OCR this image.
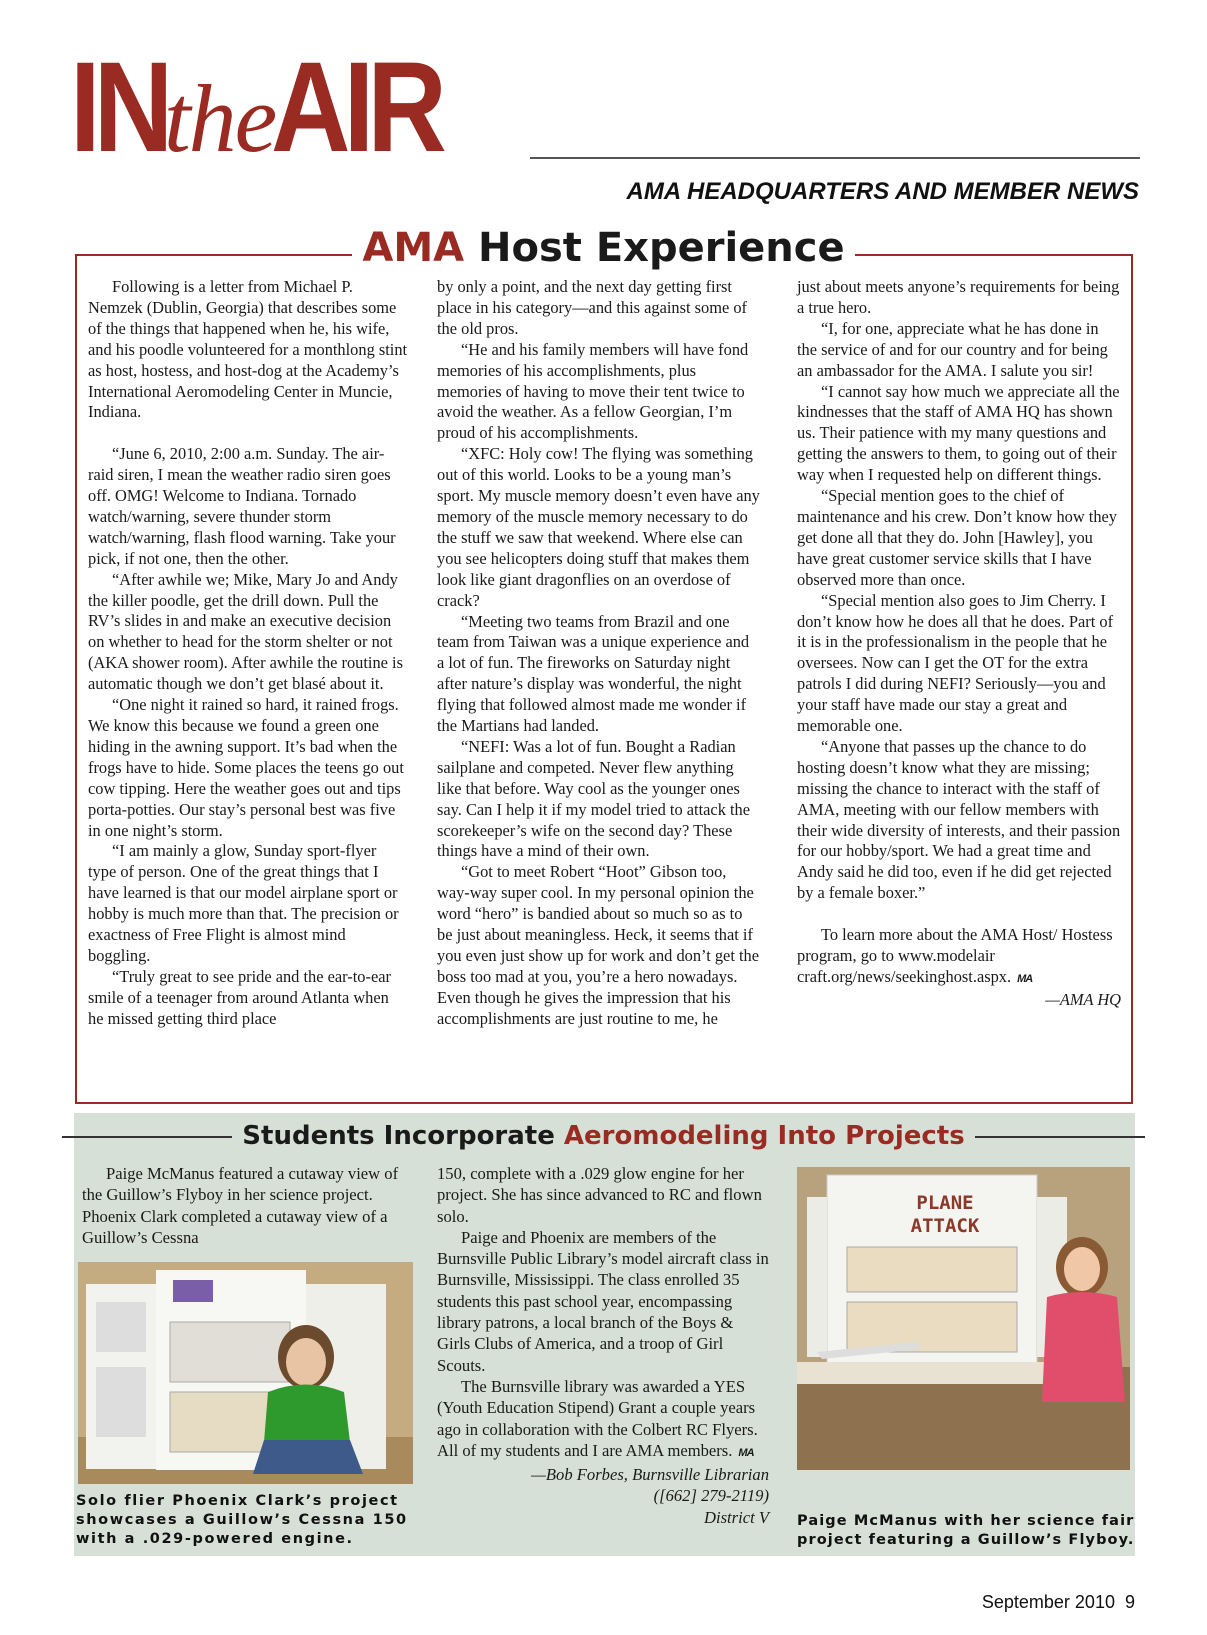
INtheAIR
AMA HEADQUARTERS AND MEMBER NEWS
AMA Host Experience

Following is a letter from Michael P. Nemzek (Dublin, Georgia) that describes some of the things that happened when he, his wife, and his poodle volunteered for a monthlong stint as host, hostess, and host-dog at the Academy’s International Aeromodeling Center in Muncie, Indiana.

“June 6, 2010, 2:00 a.m. Sunday. The air-raid siren, I mean the weather radio siren goes off. OMG! Welcome to Indiana. Tornado watch/warning, severe thunder storm watch/warning, flash flood warning. Take your pick, if not one, then the other.

“After awhile we; Mike, Mary Jo and Andy the killer poodle, get the drill down. Pull the RV’s slides in and make an executive decision on whether to head for the storm shelter or not (AKA shower room). After awhile the routine is automatic though we don’t get blasé about it.

“One night it rained so hard, it rained frogs. We know this because we found a green one hiding in the awning support. It’s bad when the frogs have to hide. Some places the teens go out cow tipping. Here the weather goes out and tips porta-potties. Our stay’s personal best was five in one night’s storm.

“I am mainly a glow, Sunday sport-flyer type of person. One of the great things that I have learned is that our model airplane sport or hobby is much more than that. The precision or exactness of Free Flight is almost mind boggling.

“Truly great to see pride and the ear-to-ear smile of a teenager from around Atlanta when he missed getting third place

by only a point, and the next day getting first place in his category—and this against some of the old pros.

“He and his family members will have fond memories of his accomplishments, plus memories of having to move their tent twice to avoid the weather. As a fellow Georgian, I’m proud of his accomplishments.

“XFC: Holy cow! The flying was something out of this world. Looks to be a young man’s sport. My muscle memory doesn’t even have any memory of the muscle memory necessary to do the stuff we saw that weekend. Where else can you see helicopters doing stuff that makes them look like giant dragonflies on an overdose of crack?

“Meeting two teams from Brazil and one team from Taiwan was a unique experience and a lot of fun. The fireworks on Saturday night after nature’s display was wonderful, the night flying that followed almost made me wonder if the Martians had landed.

“NEFI: Was a lot of fun. Bought a Radian sailplane and competed. Never flew anything like that before. Way cool as the younger ones say. Can I help it if my model tried to attack the scorekeeper’s wife on the second day? These things have a mind of their own.

“Got to meet Robert “Hoot” Gibson too, way-way super cool. In my personal opinion the word “hero” is bandied about so much so as to be just about meaningless. Heck, it seems that if you even just show up for work and don’t get the boss too mad at you, you’re a hero nowadays. Even though he gives the impression that his accomplishments are just routine to me, he

just about meets anyone’s requirements for being a true hero.

“I, for one, appreciate what he has done in the service of and for our country and for being an ambassador for the AMA. I salute you sir!

“I cannot say how much we appreciate all the kindnesses that the staff of AMA HQ has shown us. Their patience with my many questions and getting the answers to them, to going out of their way when I requested help on different things.

“Special mention goes to the chief of maintenance and his crew. Don’t know how they get done all that they do. John [Hawley], you have great customer service skills that I have observed more than once.

“Special mention also goes to Jim Cherry. I don’t know how he does all that he does. Part of it is in the professionalism in the people that he oversees. Now can I get the OT for the extra patrols I did during NEFI? Seriously—you and your staff have made our stay a great and memorable one.

“Anyone that passes up the chance to do hosting doesn’t know what they are missing; missing the chance to interact with the staff of AMA, meeting with our fellow members with their wide diversity of interests, and their passion for our hobby/sport. We had a great time and Andy said he did too, even if he did get rejected by a female boxer.”

To learn more about the AMA Host/ Hostess program, go to www.modelair craft.org/news/seekinghost.aspx. MA

—AMA HQ

Students Incorporate Aeromodeling Into Projects

Paige McManus featured a cutaway view of the Guillow’s Flyboy in her science project. Phoenix Clark completed a cutaway view of a Guillow’s Cessna

Solo flier Phoenix Clark’s project showcases a Guillow’s Cessna 150 with a .029-powered engine.

150, complete with a .029 glow engine for her project. She has since advanced to RC and flown solo.

Paige and Phoenix are members of the Burnsville Public Library’s model aircraft class in Burnsville, Mississippi. The class enrolled 35 students this past school year, encompassing library patrons, a local branch of the Boys & Girls Clubs of America, and a troop of Girl Scouts.

The Burnsville library was awarded a YES (Youth Education Stipend) Grant a couple years ago in collaboration with the Colbert RC Flyers. All of my students and I are AMA members. MA

—Bob Forbes, Burnsville Librarian

([662] 279-2119)

District V

PLANE
ATTACK
Paige McManus with her science fair project featuring a Guillow’s Flyboy.
September 2010 9
